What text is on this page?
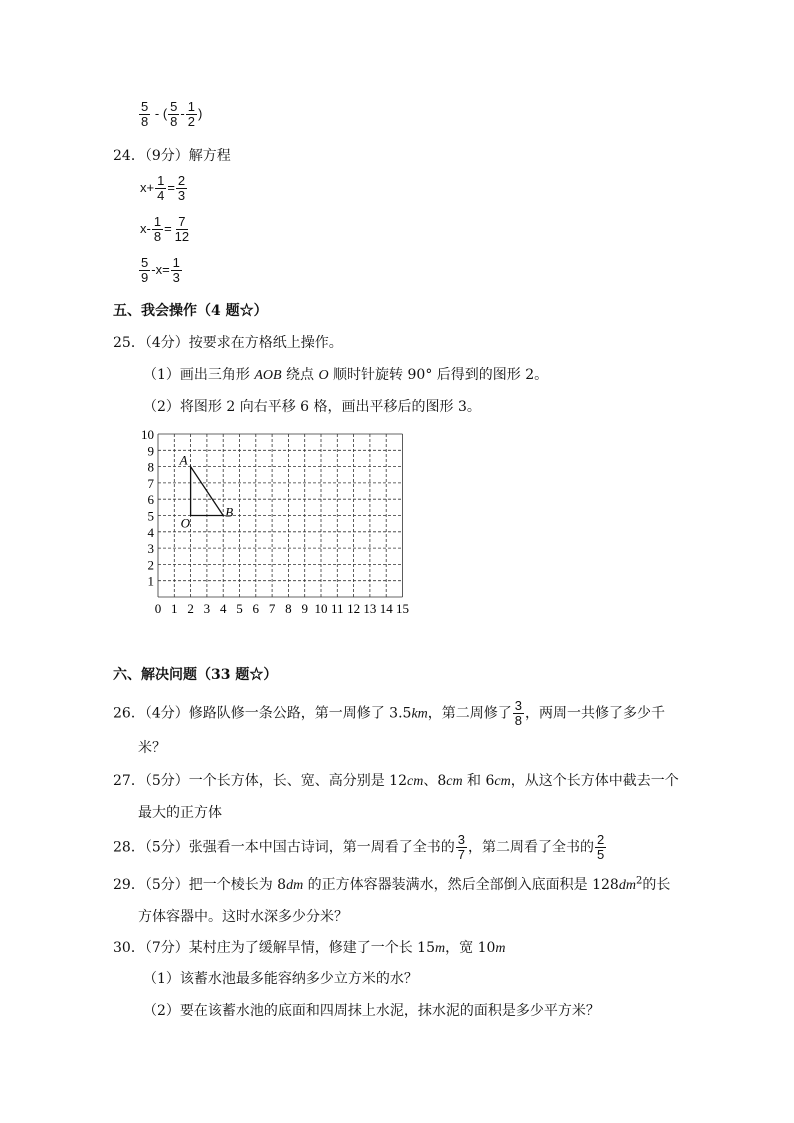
$\frac{5}{8}$ - ( $\frac{5}{8} - \frac{1}{2}$ )
24．（9分）解方程
$x+ \frac{1}{4} = \frac{2}{3}$
$x- \frac{1}{8} = \frac{7}{12}$
$\frac{5}{9} -x= \frac{1}{3}$
五、我会操作（4 题☆）
25．（4分）按要求在方格纸上操作。
（1）画出三角形 AOB 绕点 O 顺时针旋转 90° 后得到的图形 2。
（2）将图形 2 向右平移 6 格，画出平移后的图形 3。
0 1 2 3 4 5 6 7 8 9 10 11 12 13 14 15
1
2
3
4
5
6
7
8
9
10
A
O
B
六、解决问题（33 题☆）
26．（4分）修路队修一条公路，第一周修了 3.5km，第二周修了 $\frac{3}{8}$ ，两周一共修了多少千
米？
27．（5分）一个长方体，长、宽、高分别是 12cm、8cm 和 6cm，从这个长方体中截去一个
最大的正方体
28．（5分）张强看一本中国古诗词，第一周看了全书的 $\frac{3}{7}$ ，第二周看了全书的 $\frac{2}{5}$
29．（5分）把一个棱长为 8dm 的正方体容器装满水，然后全部倒入底面积是 $128dm^2$的长
方体容器中。这时水深多少分米？
30．（7分）某村庄为了缓解旱情，修建了一个长 15m，宽 10m
（1）该蓄水池最多能容纳多少立方米的水？
（2）要在该蓄水池的底面和四周抹上水泥，抹水泥的面积是多少平方米？
